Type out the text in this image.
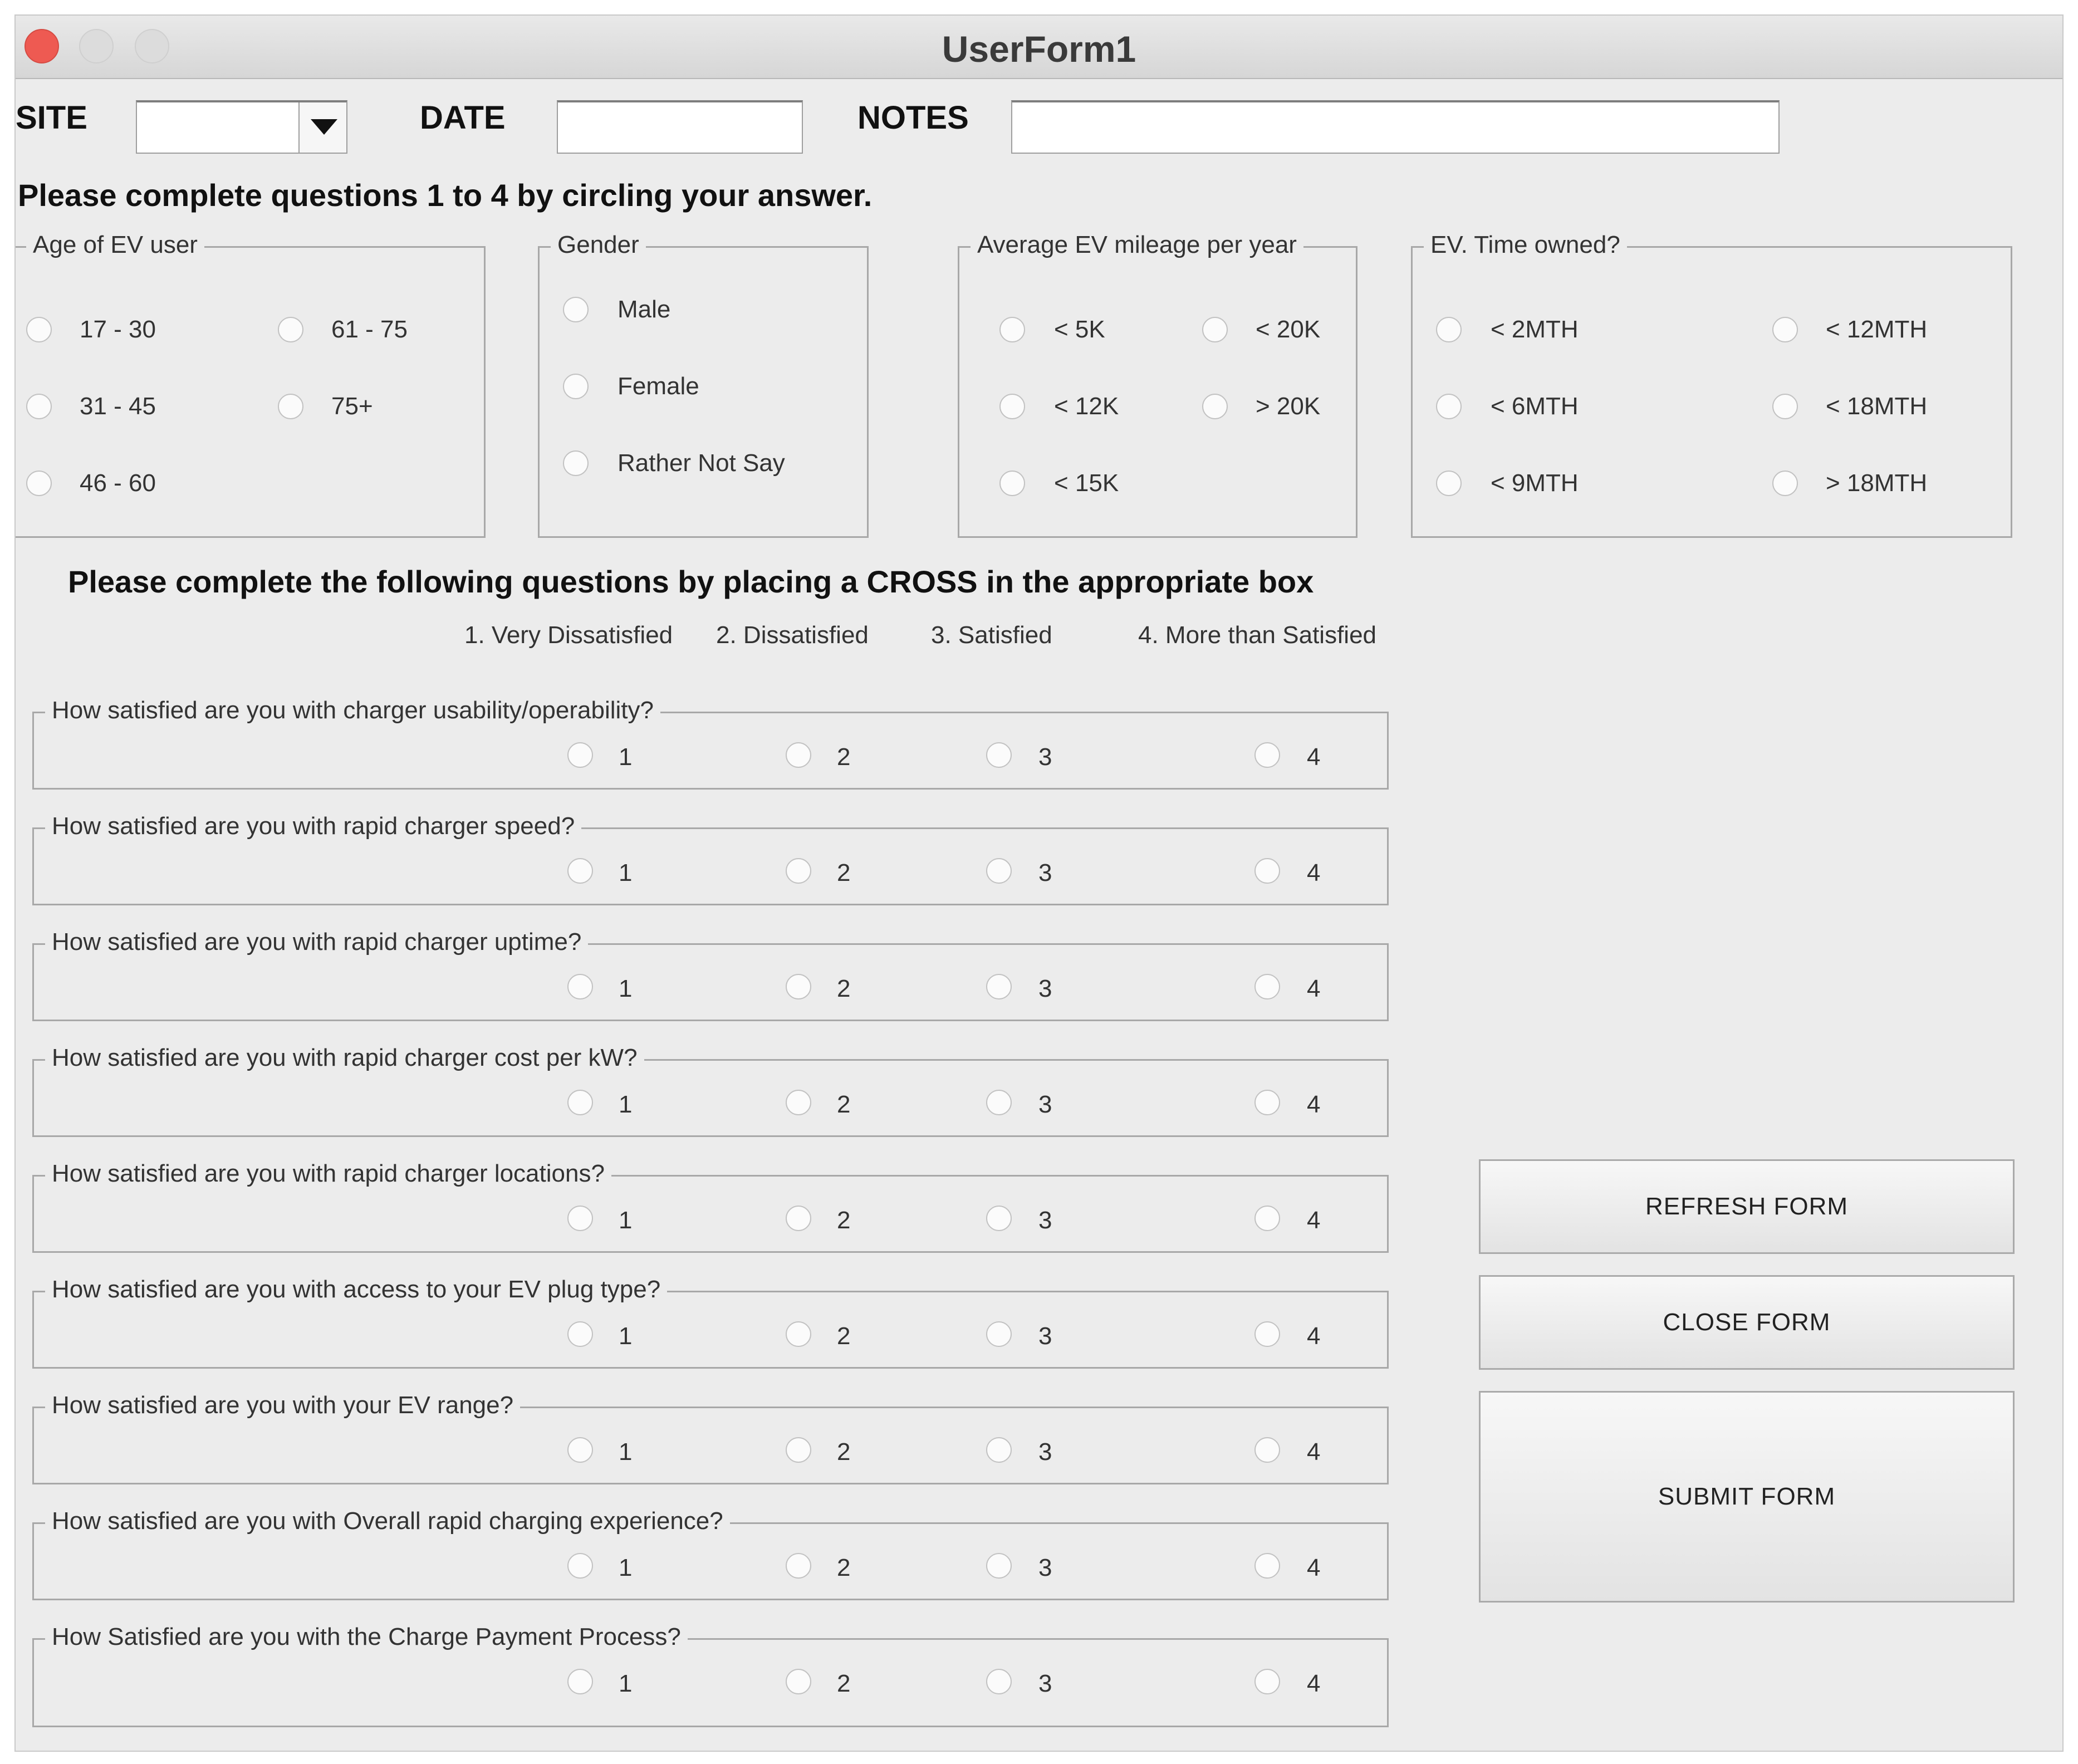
UserForm1
SITE	DATE	NOTES
Please complete questions 1 to 4 by circling your answer.
Age of EV user
17 - 30	61 - 75
31 - 45	75+
46 - 60
Gender
Male
Female
Rather Not Say
Average EV mileage per year
< 5K	< 20K
< 12K	> 20K
< 15K
EV. Time owned?
< 2MTH	< 12MTH
< 6MTH	< 18MTH
< 9MTH	> 18MTH
Please complete the following questions by placing a CROSS in the appropriate box
1. Very Dissatisfied 2. Dissatisfied	3. Satisfied	4. More than Satisfied
How satisfied are you with charger usability/operability?
1	2	3	4
How satisfied are you with rapid charger speed?
1	2	3	4
How satisfied are you with rapid charger uptime?
1	2	3	4
How satisfied are you with rapid charger cost per kW?
1	2	3	4
How satisfied are you with rapid charger locations?
1	2	3	4
How satisfied are you with access to your EV plug type?
1	2	3	4
How satisfied are you with your EV range?
1	2	3	4
How satisfied are you with Overall rapid charging experience?
1	2	3	4
How Satisfied are you with the Charge Payment Process?
1	2	3	4
REFRESH FORM
CLOSE FORM
SUBMIT FORM
